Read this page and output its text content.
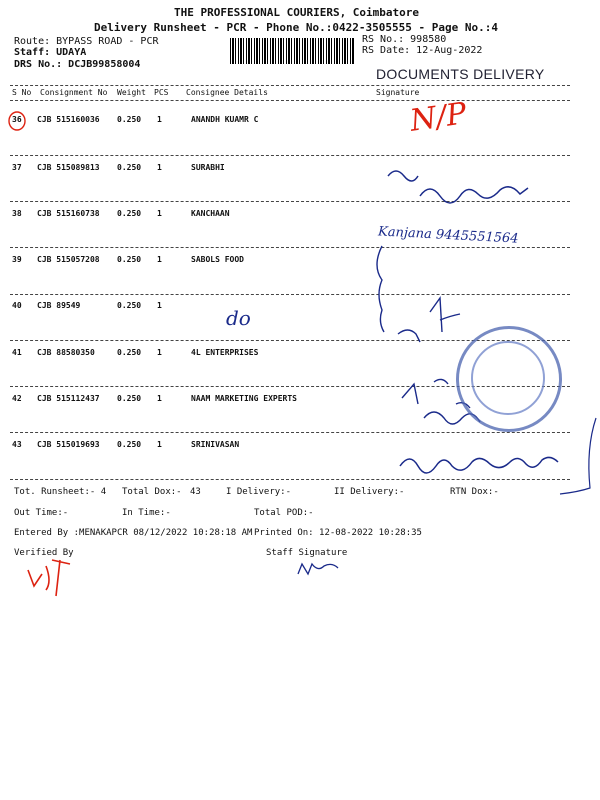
THE PROFESSIONAL COURIERS, Coimbatore
Delivery Runsheet - PCR - Phone No.:0422-3505555 - Page No.:4
Route: BYPASS ROAD - PCR
Staff: UDAYA
DRS No.: DCJB99858004
RS No.: 998580
RS Date: 12-Aug-2022
DOCUMENTS DELIVERY
S No Consignment No Weight PCS Consignee Details	Signature
36 CJB 515160036 0.250 1	ANANDH KUAMR C	N/P
37 CJB 515089813 0.250 1	SURABHI
38 CJB 515160738 0.250 1	KANCHAAN
Kanjana 9445551564
39 CJB 515057208 0.250 1	SABOLS FOOD
40 CJB 89549	0.250 1
do
41 CJB 88580350	0.250 1	4L ENTERPRISES
42 CJB 515112437 0.250 1	NAAM MARKETING EXPERTS
43 CJB 515019693 0.250 1	SRINIVASAN
Tot. Runsheet:- 4 Total Dox:- 43	I Delivery:-	II Delivery:-	RTN Dox:-
Out Time:-	In Time:-	Total POD:-
Entered By :MENAKAPCR 08/12/2022 10:28:18 AM Printed On: 12-08-2022 10:28:35
Verified By	Staff Signature
